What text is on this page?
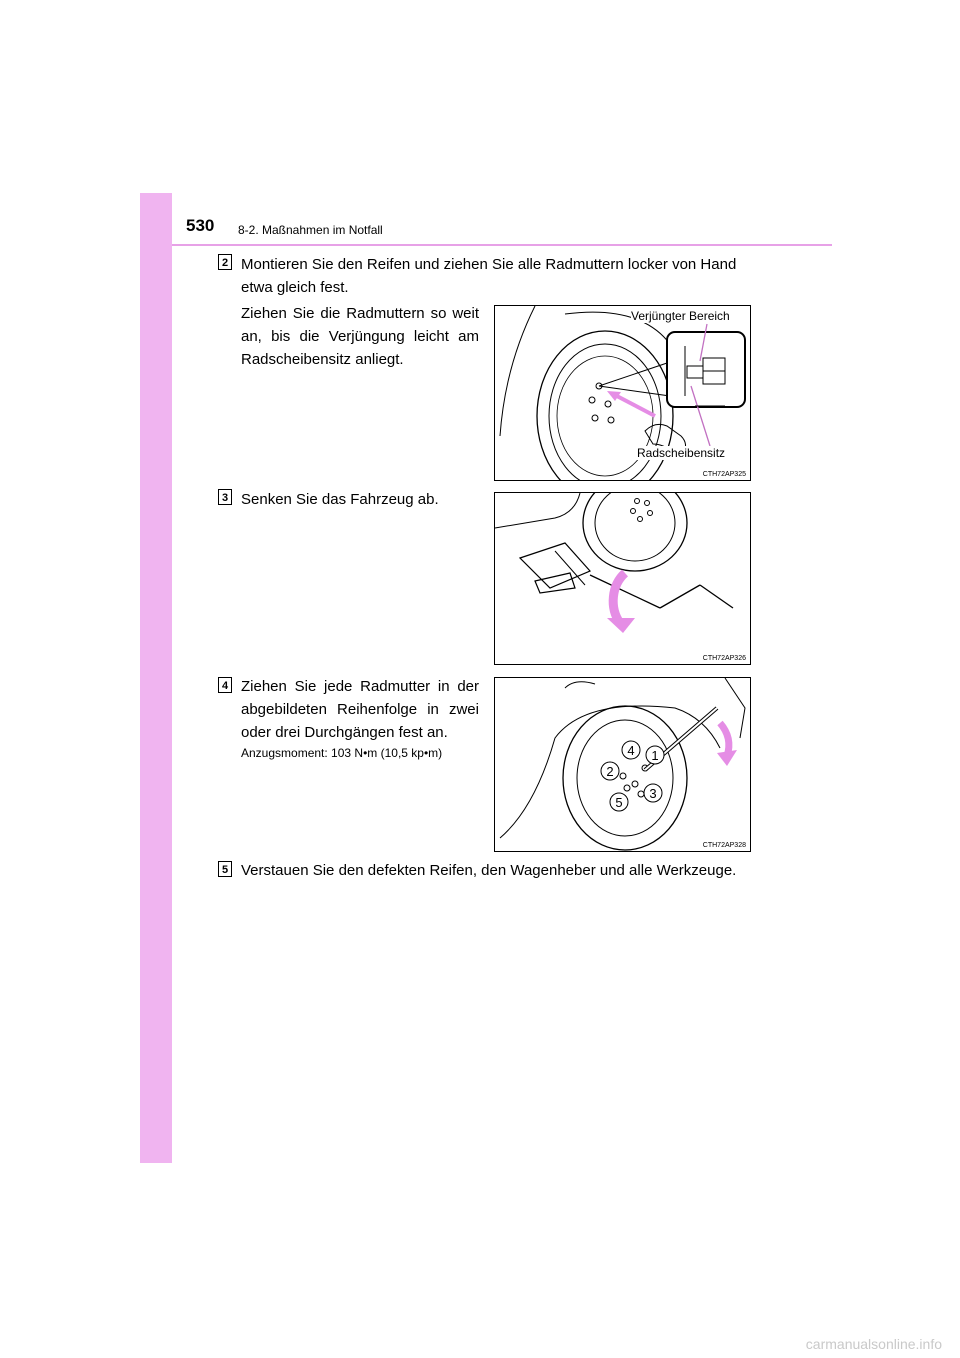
530 8-2. Maßnahmen im Notfall
2 Montieren Sie den Reifen und ziehen Sie alle Radmuttern locker von Hand etwa gleich fest.
Ziehen Sie die Radmuttern so weit an, bis die Verjüngung leicht am Radscheibensitz anliegt.
Verjüngter Bereich
Radscheibensitz
CTH72AP325
3 Senken Sie das Fahrzeug ab.
CTH72AP326
4 Ziehen Sie jede Radmutter in der abgebildeten Reihenfolge in zwei oder drei Durchgängen fest an.
Anzugsmoment: 103 N•m (10,5 kp•m)	1
2
3
4
5
CTH72AP328
5 Verstauen Sie den defekten Reifen, den Wagenheber und alle Werkzeuge.
carmanualsonline.info
